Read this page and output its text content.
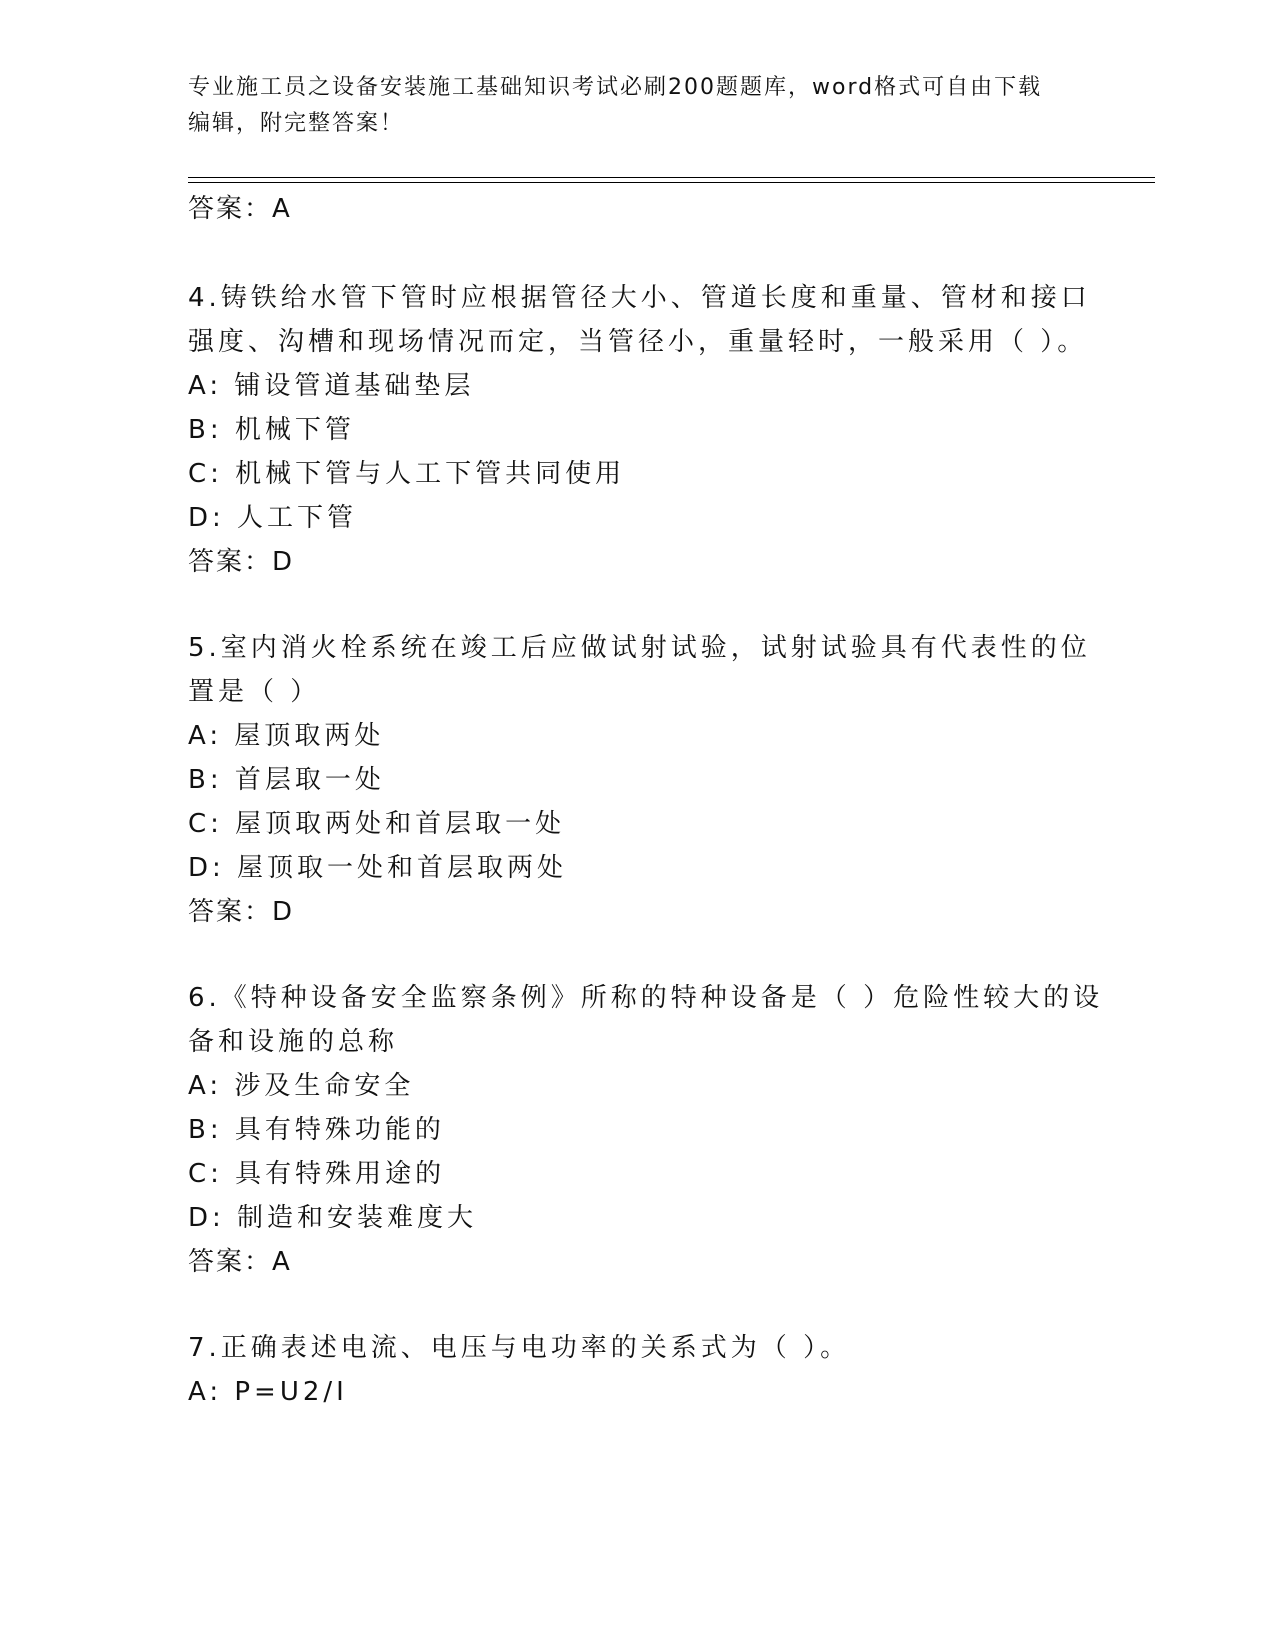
专业施工员之设备安装施工基础知识考试必刷200题题库，word格式可自由下载
编辑，附完整答案！
答案：A
4.铸铁给水管下管时应根据管径大小、管道长度和重量、管材和接口
强度、沟槽和现场情况而定，当管径小，重量轻时，一般采用（ ）。
A: 铺设管道基础垫层
B: 机械下管
C: 机械下管与人工下管共同使用
D: 人工下管
答案：D
5.室内消火栓系统在竣工后应做试射试验，试射试验具有代表性的位
置是（ ）
A: 屋顶取两处
B: 首层取一处
C: 屋顶取两处和首层取一处
D: 屋顶取一处和首层取两处
答案：D
6.《特种设备安全监察条例》所称的特种设备是（ ）危险性较大的设
备和设施的总称
A: 涉及生命安全
B: 具有特殊功能的
C: 具有特殊用途的
D: 制造和安装难度大
答案：A
7.正确表述电流、电压与电功率的关系式为（ ）。
A: P=U2/I
